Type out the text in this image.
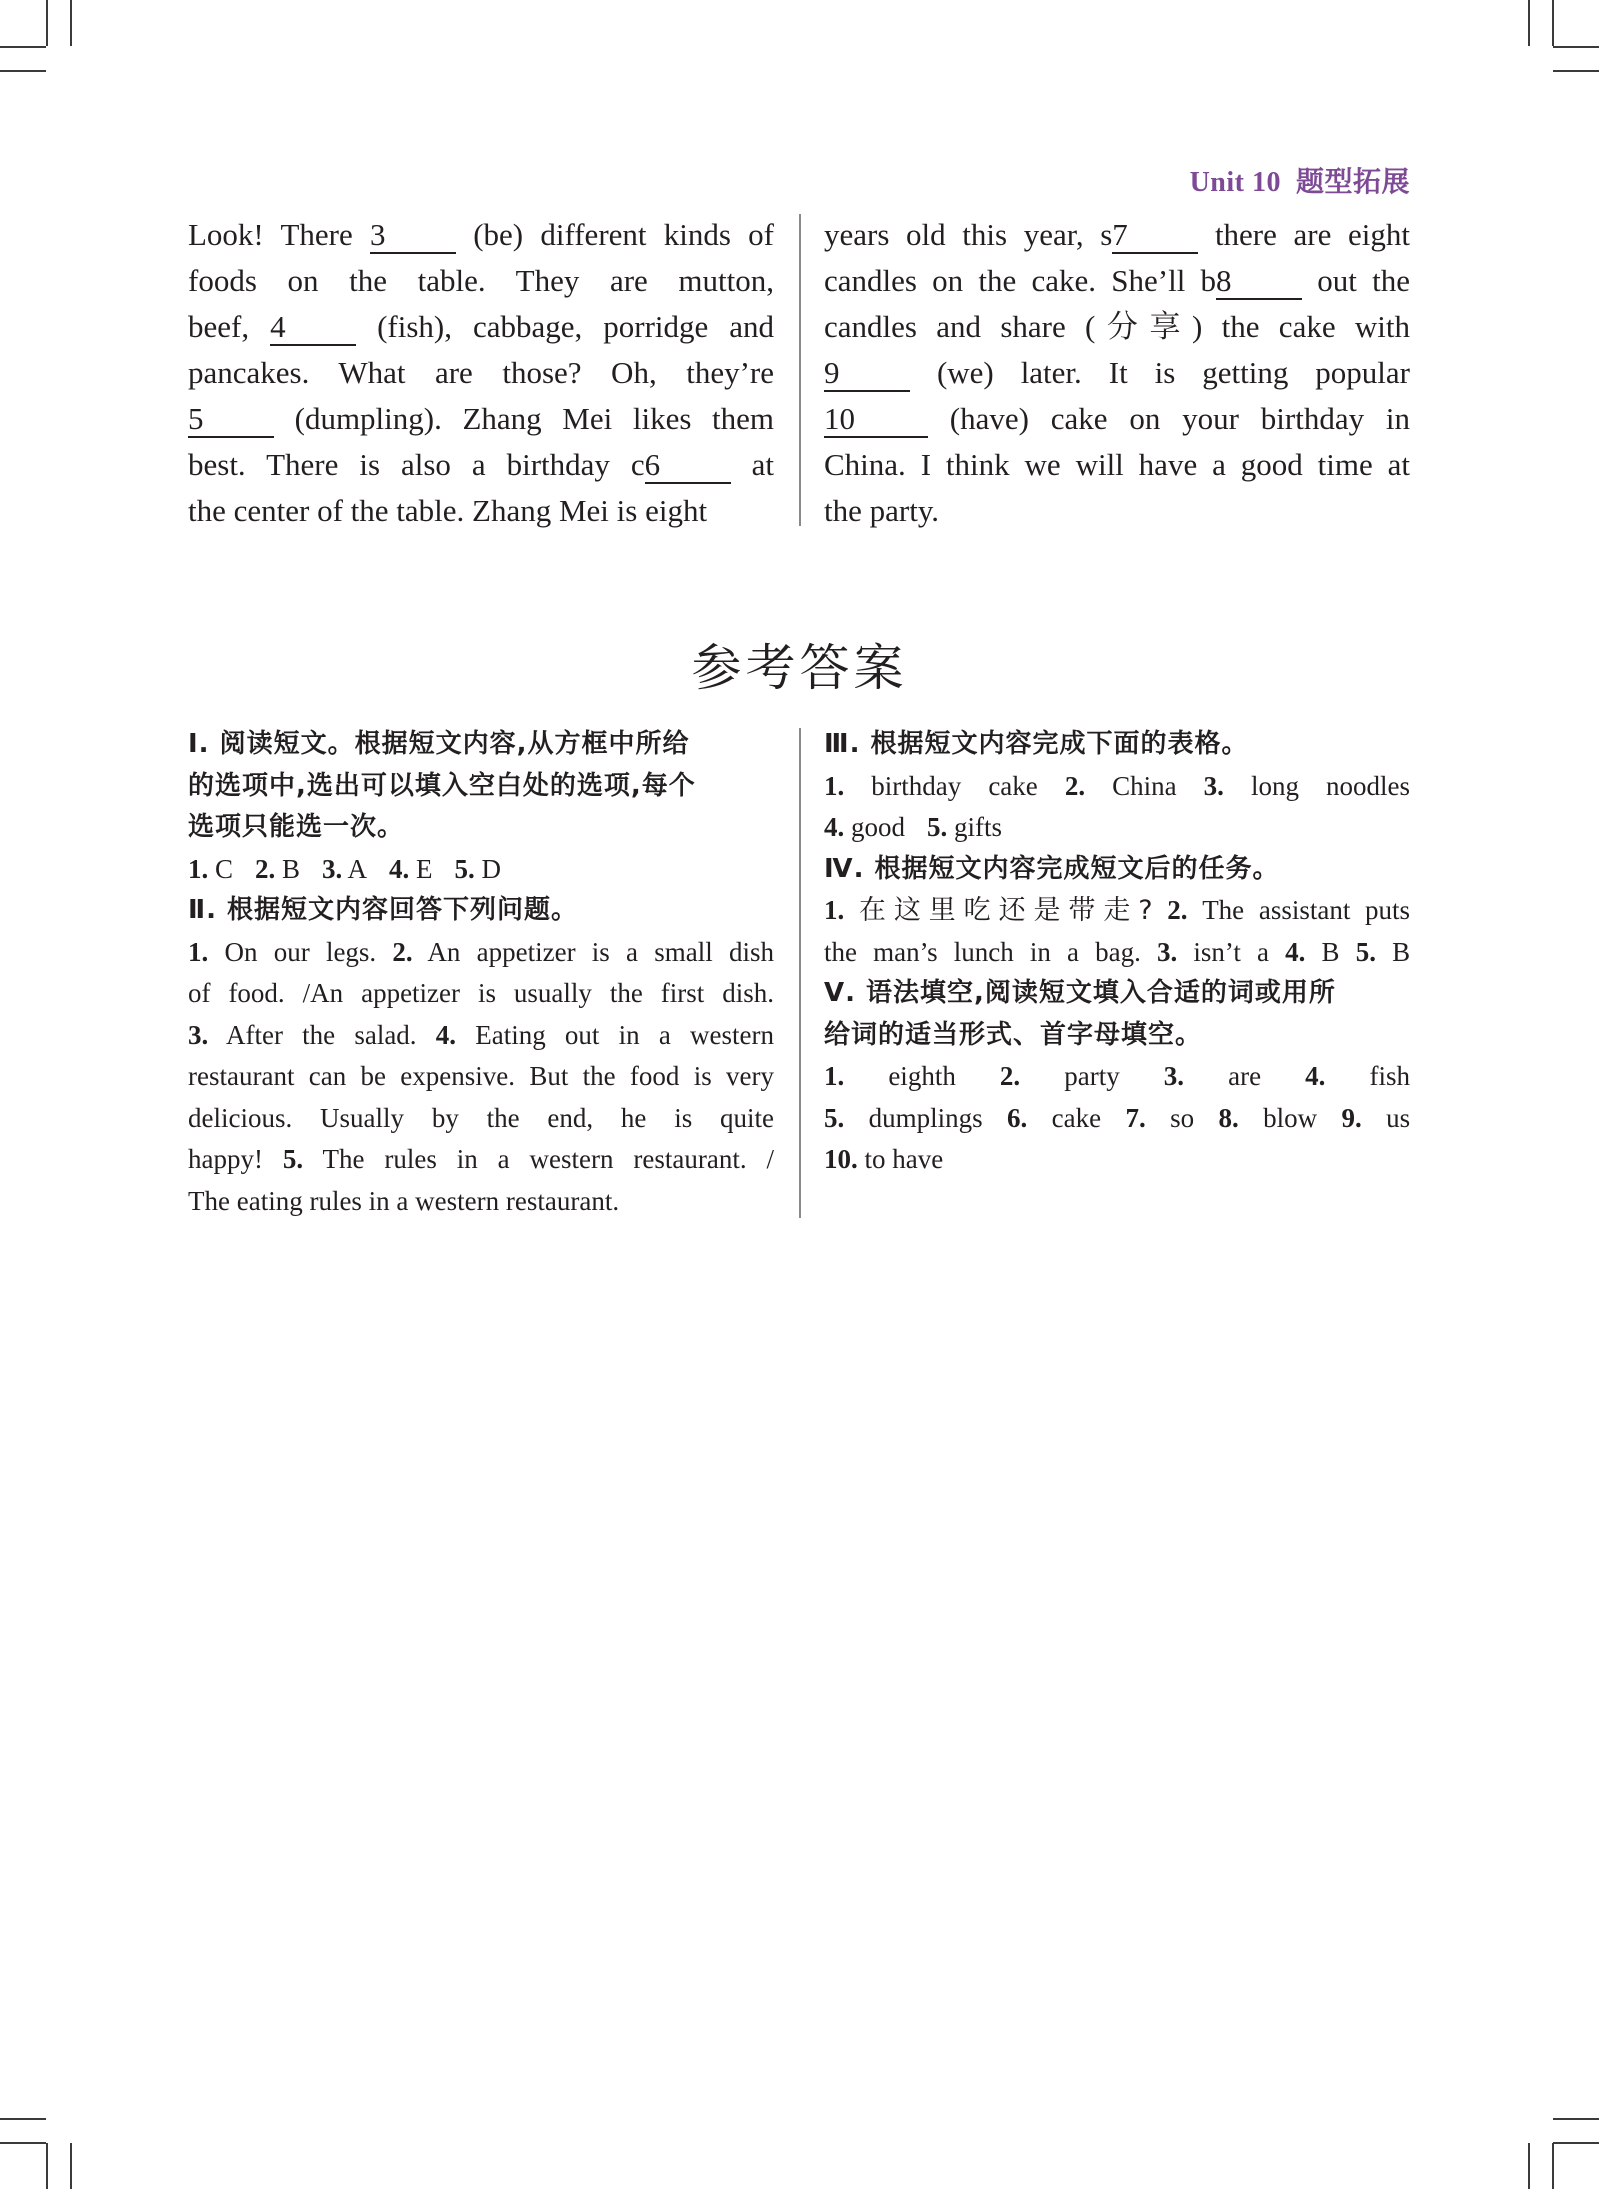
Unit 10 题型拓展
Look! There 3 (be) different kinds of
foods on the table. They are mutton,
beef, 4 (fish), cabbage, porridge and
pancakes. What are those? Oh, they’re
5 (dumpling). Zhang Mei likes them
best. There is also a birthday c6 at
the center of the table. Zhang Mei is eight
years old this year, s7 there are eight
candles on the cake. She’ll b8 out the
candles and share (分享) the cake with
9 (we) later. It is getting popular
10 (have) cake on your birthday in
China. I think we will have a good time at
the party.
参考答案
Ⅰ. 阅读短文。根据短文内容,从方框中所给
的选项中,选出可以填入空白处的选项,每个
选项只能选一次。
1. C 2. B 3. A 4. E 5. D
Ⅱ. 根据短文内容回答下列问题。
1. On our legs. 2. An appetizer is a small dish
of food. /An appetizer is usually the first dish.
3. After the salad. 4. Eating out in a western
restaurant can be expensive. But the food is very
delicious. Usually by the end, he is quite
happy! 5. The rules in a western restaurant. /
The eating rules in a western restaurant.
Ⅲ. 根据短文内容完成下面的表格。
1. birthday cake 2. China 3. long noodles
4. good 5. gifts
Ⅳ. 根据短文内容完成短文后的任务。
1. 在这里吃还是带走? 2. The assistant puts
the man’s lunch in a bag. 3. isn’t a 4. B 5. B
Ⅴ. 语法填空,阅读短文填入合适的词或用所
给词的适当形式、首字母填空。
1. eighth 2. party 3. are 4. fish
5. dumplings 6. cake 7. so 8. blow 9. us
10. to have
